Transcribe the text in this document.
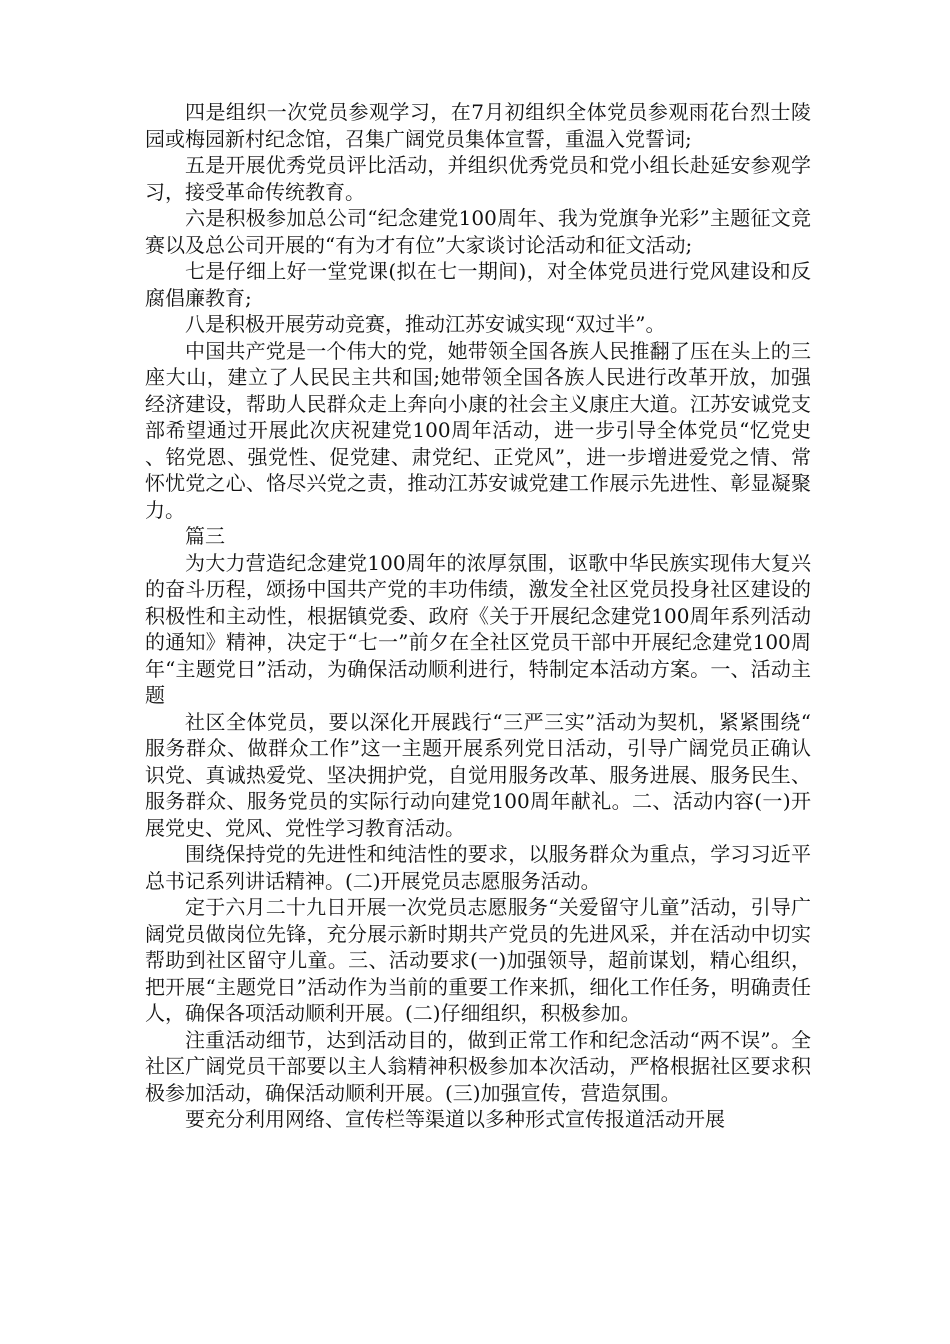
四是组织一次党员参观学习，在7月初组织全体党员参观雨花台烈士陵园或梅园新村纪念馆，召集广阔党员集体宣誓，重温入党誓词;

五是开展优秀党员评比活动，并组织优秀党员和党小组长赴延安参观学习，接受革命传统教育。

六是积极参加总公司“纪念建党100周年、我为党旗争光彩”主题征文竞赛以及总公司开展的“有为才有位”大家谈讨论活动和征文活动;

七是仔细上好一堂党课(拟在七一期间)，对全体党员进行党风建设和反腐倡廉教育;

八是积极开展劳动竞赛，推动江苏安诚实现“双过半”。

中国共产党是一个伟大的党，她带领全国各族人民推翻了压在头上的三座大山，建立了人民民主共和国;她带领全国各族人民进行改革开放，加强经济建设，帮助人民群众走上奔向小康的社会主义康庄大道。江苏安诚党支部希望通过开展此次庆祝建党100周年活动，进一步引导全体党员“忆党史、铭党恩、强党性、促党建、肃党纪、正党风”，进一步增进爱党之情、常怀忧党之心、恪尽兴党之责，推动江苏安诚党建工作展示先进性、彰显凝聚力。

篇三

为大力营造纪念建党100周年的浓厚氛围，讴歌中华民族实现伟大复兴的奋斗历程，颂扬中国共产党的丰功伟绩，激发全社区党员投身社区建设的积极性和主动性，根据镇党委、政府《关于开展纪念建党100周年系列活动的通知》精神，决定于“七一”前夕在全社区党员干部中开展纪念建党100周年“主题党日”活动，为确保活动顺利进行，特制定本活动方案。一、活动主题

社区全体党员，要以深化开展践行“三严三实”活动为契机，紧紧围绕“服务群众、做群众工作”这一主题开展系列党日活动，引导广阔党员正确认识党、真诚热爱党、坚决拥护党，自觉用服务改革、服务进展、服务民生、服务群众、服务党员的实际行动向建党100周年献礼。二、活动内容(一)开展党史、党风、党性学习教育活动。

围绕保持党的先进性和纯洁性的要求，以服务群众为重点，学习习近平总书记系列讲话精神。(二)开展党员志愿服务活动。

定于六月二十九日开展一次党员志愿服务“关爱留守儿童”活动，引导广阔党员做岗位先锋，充分展示新时期共产党员的先进风采，并在活动中切实帮助到社区留守儿童。三、活动要求(一)加强领导，超前谋划，精心组织，把开展“主题党日”活动作为当前的重要工作来抓，细化工作任务，明确责任人，确保各项活动顺利开展。(二)仔细组织，积极参加。

注重活动细节，达到活动目的，做到正常工作和纪念活动“两不误”。全社区广阔党员干部要以主人翁精神积极参加本次活动，严格根据社区要求积极参加活动，确保活动顺利开展。(三)加强宣传，营造氛围。

要充分利用网络、宣传栏等渠道以多种形式宣传报道活动开展
